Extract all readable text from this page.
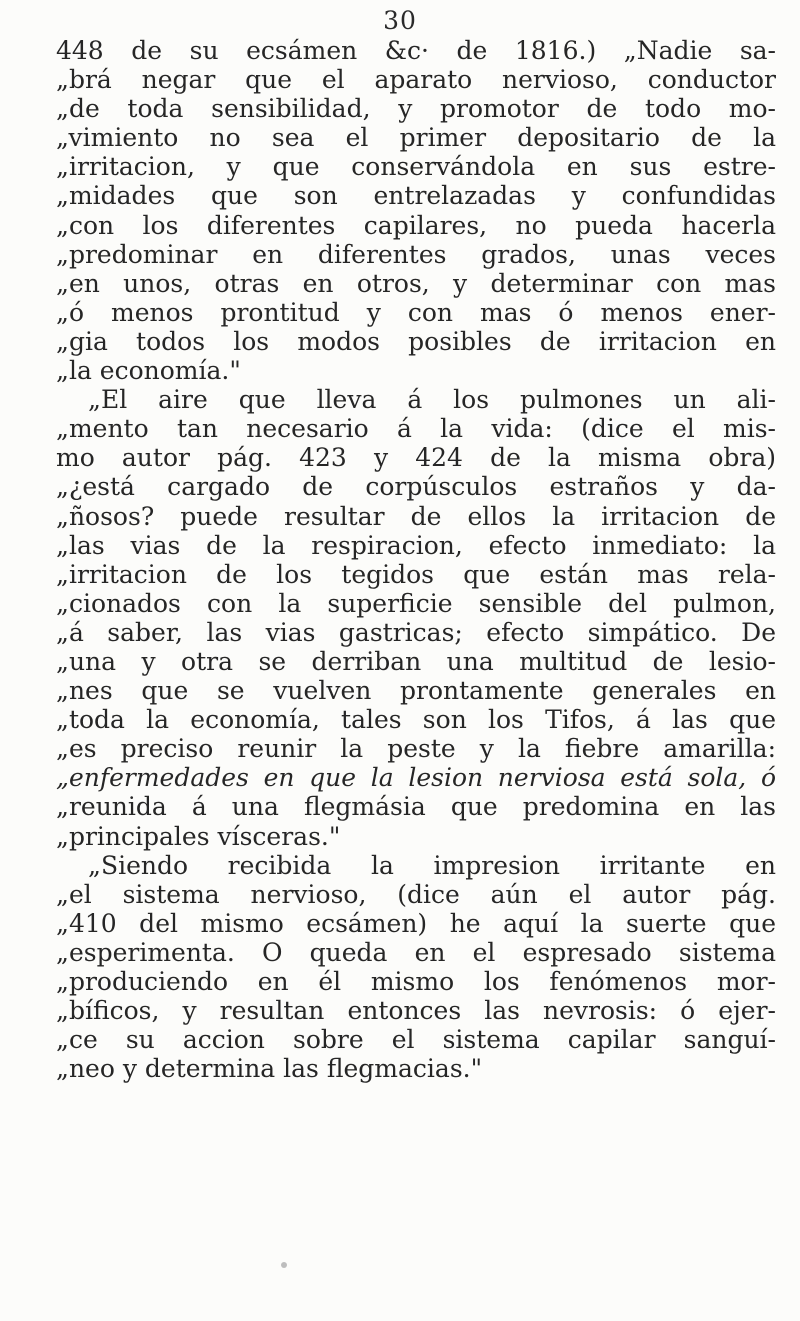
30
448 de su ecsámen &c· de 1816.) „Nadie sa-
„brá negar que el aparato nervioso, conductor
„de toda sensibilidad, y promotor de todo mo-
„vimiento no sea el primer depositario de la
„irritacion, y que conservándola en sus estre-
„midades que son entrelazadas y confundidas
„con los diferentes capilares, no pueda hacerla
„predominar en diferentes grados, unas veces
„en unos, otras en otros, y determinar con mas
„ó menos prontitud y con mas ó menos ener-
„gia todos los modos posibles de irritacion en
„la economía."
„El aire que lleva á los pulmones un ali-
„mento tan necesario á la vida: (dice el mis-
mo autor pág. 423 y 424 de la misma obra)
„¿está cargado de corpúsculos estraños y da-
„ñosos? puede resultar de ellos la irritacion de
„las vias de la respiracion, efecto inmediato: la
„irritacion de los tegidos que están mas rela-
„cionados con la superficie sensible del pulmon,
„á saber, las vias gastricas; efecto simpático. De
„una y otra se derriban una multitud de lesio-
„nes que se vuelven prontamente generales en
„toda la economía, tales son los Tifos, á las que
„es preciso reunir la peste y la fiebre amarilla:
„enfermedades en que la lesion nerviosa está sola, ó
„reunida á una flegmásia que predomina en las
„principales vísceras."
„Siendo recibida la impresion irritante en
„el sistema nervioso, (dice aún el autor pág.
„410 del mismo ecsámen) he aquí la suerte que
„esperimenta. O queda en el espresado sistema
„produciendo en él mismo los fenómenos mor-
„bíficos, y resultan entonces las nevrosis: ó ejer-
„ce su accion sobre el sistema capilar sanguí-
„neo y determina las flegmacias."
